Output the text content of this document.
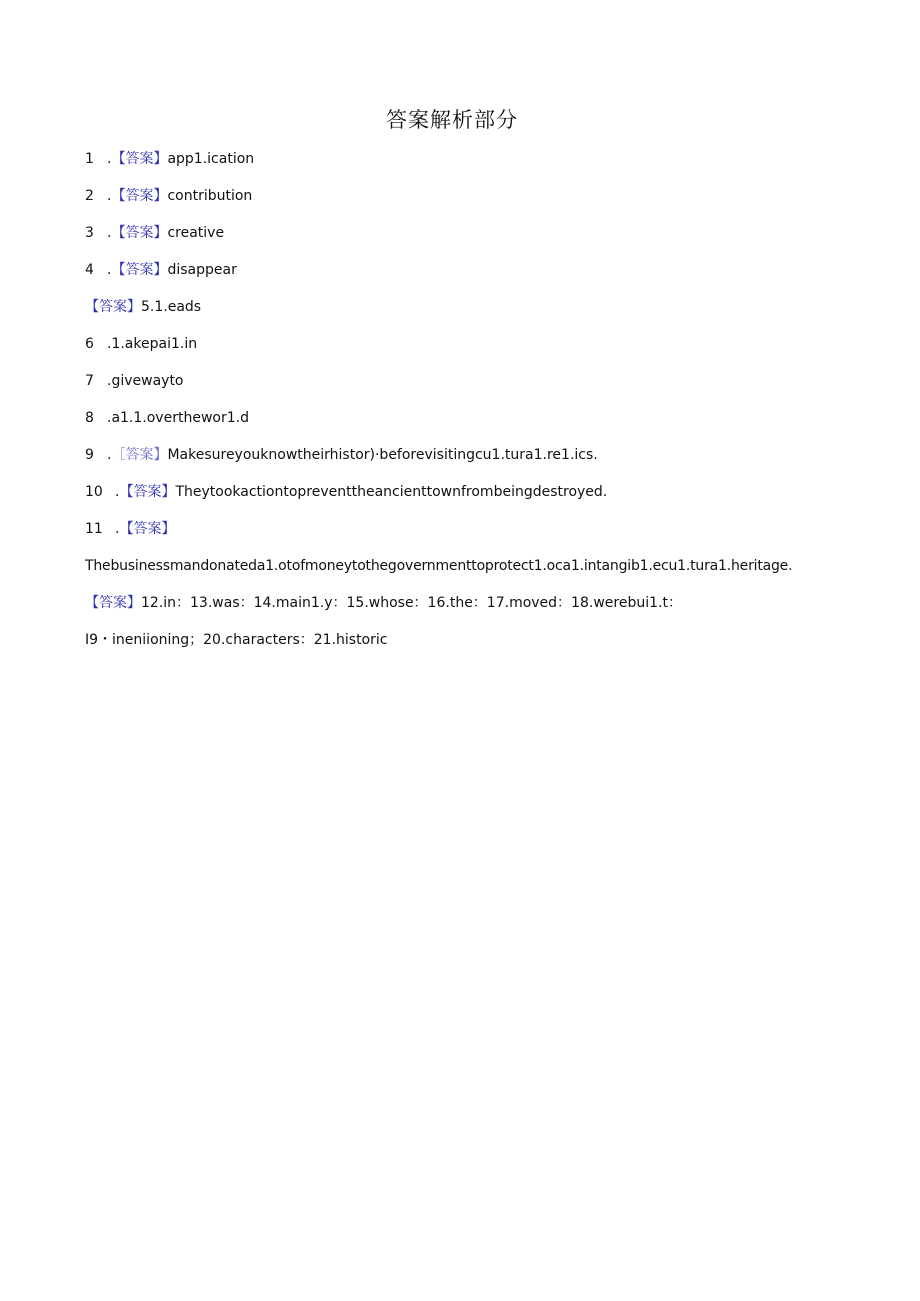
答案解析部分
1 .【答案】app1.ication
2 .【答案】contribution
3 .【答案】creative
4 .【答案】disappear
【答案】5.1.eads
6 .1.akepai1.in
7 .givewayto
8 .a1.1.overthewor1.d
9 .［答案】Makesureyouknowtheirhistor)·beforevisitingcu1.tura1.re1.ics.
10 .【答案】Theytookactiontopreventtheancienttownfrombeingdestroyed.
11 .【答案】
Thebusinessmandonateda1.otofmoneytothegovernmenttoprotect1.oca1.intangib1.ecu1.tura1.heritage.
【答案】12.in：13.was：14.main1.y：15.whose：16.the：17.moved：18.werebui1.t：
I9・ineniioning；20.characters：21.historic
